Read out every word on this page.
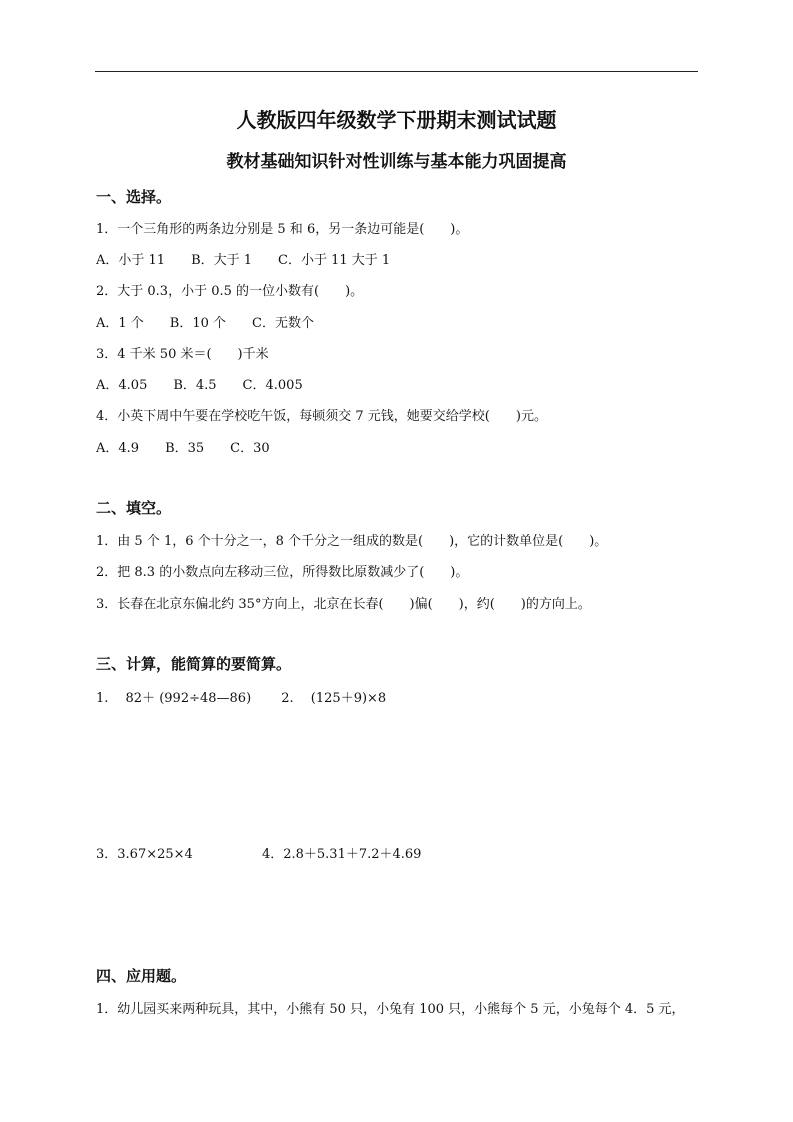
人教版四年级数学下册期末测试试题
教材基础知识针对性训练与基本能力巩固提高
一、选择。
1．一个三角形的两条边分别是 5 和 6，另一条边可能是(　　)。
A．小于 11　　B．大于 1　　C．小于 11 大于 1
2．大于 0.3，小于 0.5 的一位小数有(　　)。
A．1 个　　B．10 个　　C．无数个
3．4 千米 50 米＝(　　)千米
A．4.05　　B．4.5　　C．4.005
4．小英下周中午要在学校吃午饭，每顿须交 7 元钱，她要交给学校(　　)元。
A．4.9　　B．35　　C．30
二、填空。
1．由 5 个 1，6 个十分之一，8 个千分之一组成的数是(　　)，它的计数单位是(　　)。
2．把 8.3 的小数点向左移动三位，所得数比原数减少了(　　)。
3．长春在北京东偏北约 35°方向上，北京在长春(　　)偏(　　)，约(　　)的方向上。
三、计算，能简算的要简算。
1.　 82＋ (992÷48—86)　　 2.　 (125＋9)×8
3．3.67×25×4　　　　　 4．2.8＋5.31＋7.2＋4.69
四、应用题。
1．幼儿园买来两种玩具，其中，小熊有 50 只，小兔有 100 只，小熊每个 5 元，小兔每个 4．5 元，
